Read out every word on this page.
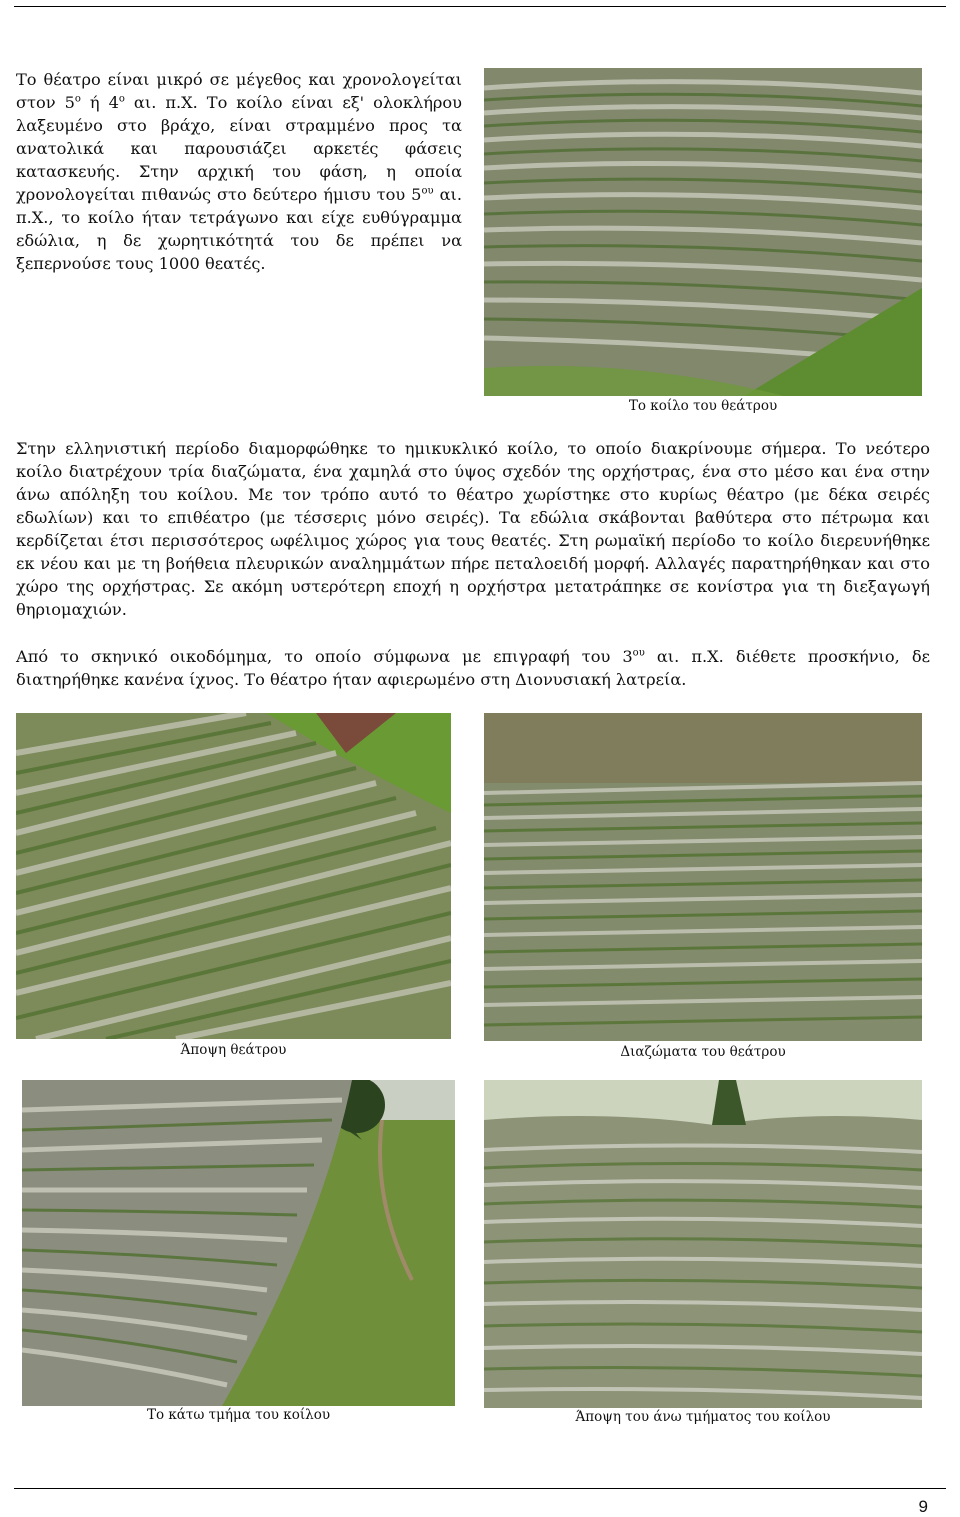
Το θέατρο είναι μικρό σε μέγεθος και χρονολογείται στον $5^o$ ή $4^o$ αι. π.Χ. Το κοίλο είναι εξ' ολοκλήρου λαξευμένο στο βράχο, είναι στραμμένο προς τα ανατολικά και παρουσιάζει αρκετές φάσεις κατασκευής. Στην αρχική του φάση, η οποία χρονολογείται πιθανώς στο δεύτερο ήμισυ του $5^{o\upsilon}$ αι. π.Χ., το κοίλο ήταν τετράγωνο και είχε ευθύγραμμα εδώλια, η δε χωρητικότητά του δε πρέπει να ξεπερνούσε τους 1000 θεατές.

Το κοίλο του θεάτρου

Στην ελληνιστική περίοδο διαμορφώθηκε το ημικυκλικό κοίλο, το οποίο διακρίνουμε σήμερα. Το νεότερο κοίλο διατρέχουν τρία διαζώματα, ένα χαμηλά στο ύψος σχεδόν της ορχήστρας, ένα στο μέσο και ένα στην άνω απόληξη του κοίλου. Με τον τρόπο αυτό το θέατρο χωρίστηκε στο κυρίως θέατρο (με δέκα σειρές εδωλίων) και το επιθέατρο (με τέσσερις μόνο σειρές). Τα εδώλια σκάβονται βαθύτερα στο πέτρωμα και κερδίζεται έτσι περισσότερος ωφέλιμος χώρος για τους θεατές. Στη ρωμαϊκή περίοδο το κοίλο διερευνήθηκε εκ νέου και με τη βοήθεια πλευρικών αναλημμάτων πήρε πεταλοειδή μορφή. Αλλαγές παρατηρήθηκαν και στο χώρο της ορχήστρας. Σε ακόμη υστερότερη εποχή η ορχήστρα μετατράπηκε σε κονίστρα για τη διεξαγωγή θηριομαχιών.

Από το σκηνικό οικοδόμημα, το οποίο σύμφωνα με επιγραφή του $3^{o\upsilon}$ αι. π.Χ. διέθετε προσκήνιο, δε διατηρήθηκε κανένα ίχνος. Το θέατρο ήταν αφιερωμένο στη Διονυσιακή λατρεία.

Άποψη θεάτρου	Διαζώματα του θεάτρου
Το κάτω τμήμα του κοίλου	Άποψη του άνω τμήματος του κοίλου
9
